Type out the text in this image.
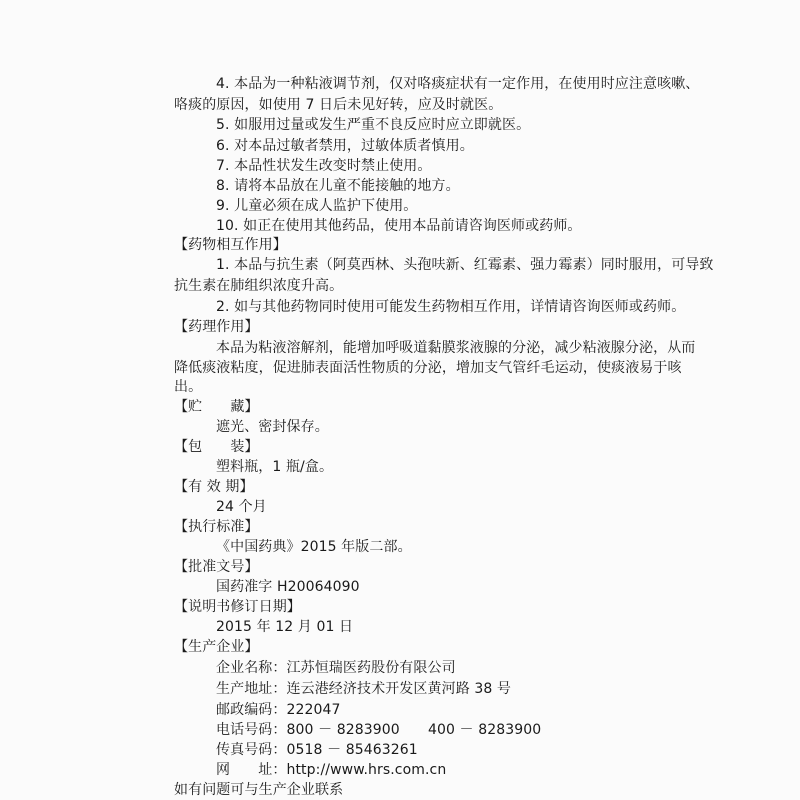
4. 本品为一种粘液调节剂，仅对咯痰症状有一定作用，在使用时应注意咳嗽、
咯痰的原因，如使用 7 日后未见好转，应及时就医。
5. 如服用过量或发生严重不良反应时应立即就医。
6. 对本品过敏者禁用，过敏体质者慎用。
7. 本品性状发生改变时禁止使用。
8. 请将本品放在儿童不能接触的地方。
9. 儿童必须在成人监护下使用。
10. 如正在使用其他药品，使用本品前请咨询医师或药师。
【药物相互作用】
1. 本品与抗生素（阿莫西林、头孢呋新、红霉素、强力霉素）同时服用，可导致
抗生素在肺组织浓度升高。
2. 如与其他药物同时使用可能发生药物相互作用，详情请咨询医师或药师。
【药理作用】
本品为粘液溶解剂，能增加呼吸道黏膜浆液腺的分泌，减少粘液腺分泌，从而
降低痰液粘度，促进肺表面活性物质的分泌，增加支气管纤毛运动，使痰液易于咳
出。
【贮　　藏】
遮光、密封保存。
【包　　装】
塑料瓶，1 瓶/盒。
【有 效 期】
24 个月
【执行标准】
《中国药典》2015 年版二部。
【批准文号】
国药准字 H20064090
【说明书修订日期】
2015 年 12 月 01 日
【生产企业】
企业名称：江苏恒瑞医药股份有限公司
生产地址：连云港经济技术开发区黄河路 38 号
邮政编码：222047
电话号码：800 － 8283900　　400 － 8283900
传真号码：0518 － 85463261
网　　址：http://www.hrs.com.cn
如有问题可与生产企业联系
